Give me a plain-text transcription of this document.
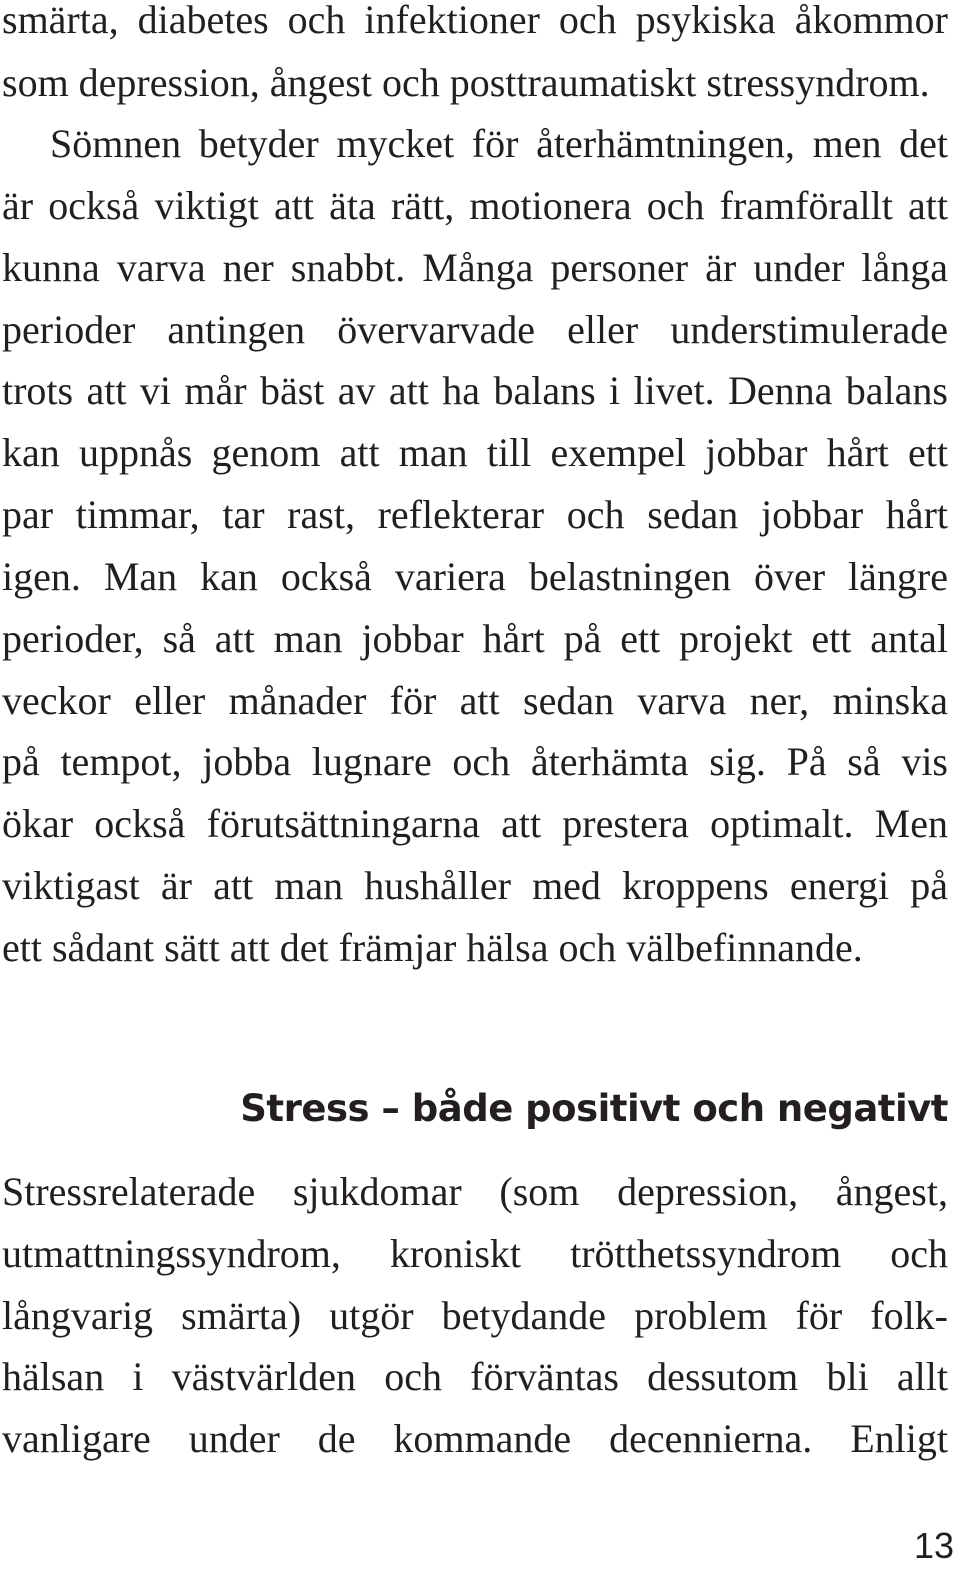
smärta, diabetes och infektioner och psykiska åkommor
som depression, ångest och posttraumatiskt stressyndrom.
Sömnen betyder mycket för återhämtningen, men det
är också viktigt att äta rätt, motionera och framförallt att
kunna varva ner snabbt. Många personer är under långa
perioder antingen övervarvade eller understimulerade
trots att vi mår bäst av att ha balans i livet. Denna balans
kan uppnås genom att man till exempel jobbar hårt ett
par timmar, tar rast, reflekterar och sedan jobbar hårt
igen. Man kan också variera belastningen över längre
perioder, så att man jobbar hårt på ett projekt ett antal
veckor eller månader för att sedan varva ner, minska
på tempot, jobba lugnare och återhämta sig. På så vis
ökar också förutsättningarna att prestera optimalt. Men
viktigast är att man hushåller med kroppens energi på
ett sådant sätt att det främjar hälsa och välbefinnande.
Stress – både positivt och negativt
Stressrelaterade sjukdomar (som depression, ångest,
utmattningssyndrom, kroniskt trötthetssyndrom och
långvarig smärta) utgör betydande problem för folk-
hälsan i västvärlden och förväntas dessutom bli allt
vanligare under de kommande decennierna. Enligt
13
